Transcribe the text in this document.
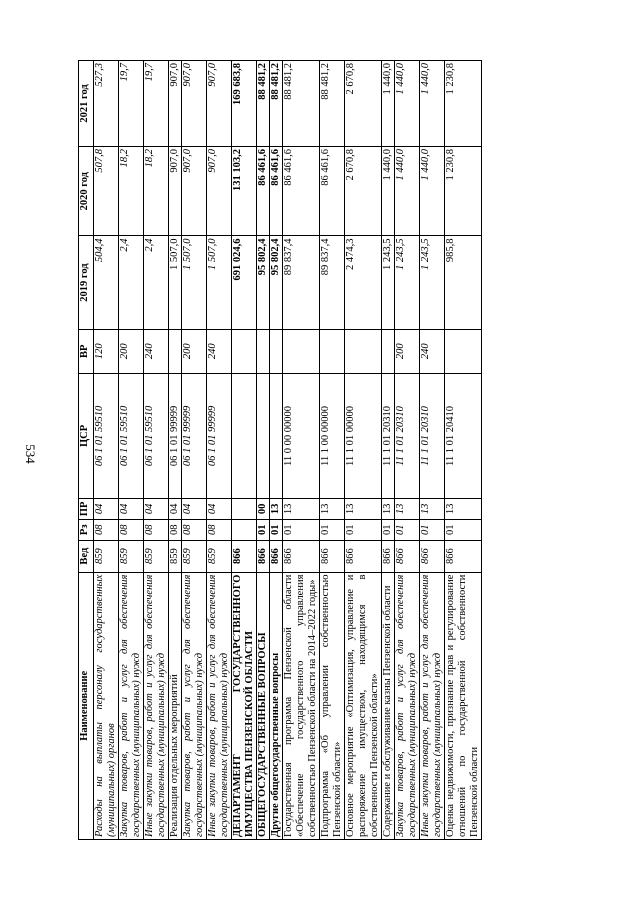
534
Наименование	Вед	Рз	ПР	ЦСР	ВР	2019 год	2020 год	2021 год
Расходы на выплаты персоналу государственных (муниципальных) органов	859	08	04	06 1 01 59510	120	504,4	507,8	527,3
Закупка товаров, работ и услуг для обеспечения государственных (муниципальных) нужд	859	08	04	06 1 01 59510	200	2,4	18,2	19,7
Иные закупки товаров, работ и услуг для обеспечения государственных (муниципальных) нужд	859	08	04	06 1 01 59510	240	2,4	18,2	19,7
Реализация отдельных мероприятий	859	08	04	06 1 01 99999		1 507,0	907,0	907,0
Закупка товаров, работ и услуг для обеспечения государственных (муниципальных) нужд	859	08	04	06 1 01 99999	200	1 507,0	907,0	907,0
Иные закупки товаров, работ и услуг для обеспечения государственных (муниципальных) нужд	859	08	04	06 1 01 99999	240	1 507,0	907,0	907,0
ДЕПАРТАМЕНТ ГОСУДАРСТВЕННОГО ИМУЩЕСТВА ПЕНЗЕНСКОЙ ОБЛАСТИ	866					691 024,6	131 103,2	169 683,8
ОБЩЕГОСУДАРСТВЕННЫЕ ВОПРОСЫ	866	01	00			95 802,4	86 461,6	88 481,2
Другие общегосударственные вопросы	866	01	13			95 802,4	86 461,6	88 481,2
Государственная программа Пензенской области «Обеспечение государственного управления собственностью Пензенской области на 2014–2022 годы»	866	01	13	11 0 00 00000		89 837,4	86 461,6	88 481,2
Подпрограмма «Об управлении собственностью Пензенской области»	866	01	13	11 1 00 00000		89 837,4	86 461,6	88 481,2
Основное мероприятие «Оптимизация, управление и распоряжение имуществом, находящимся в собственности Пензенской области»	866	01	13	11 1 01 00000		2 474,3	2 670,8	2 670,8
Содержание и обслуживание казны Пензенской области	866	01	13	11 1 01 20310		1 243,5	1 440,0	1 440,0
Закупка товаров, работ и услуг для обеспечения государственных (муниципальных) нужд	866	01	13	11 1 01 20310	200	1 243,5	1 440,0	1 440,0
Иные закупки товаров, работ и услуг для обеспечения государственных (муниципальных) нужд	866	01	13	11 1 01 20310	240	1 243,5	1 440,0	1 440,0
Оценка недвижимости, признание прав и регулирование отношений по государственной собственности Пензенской области	866	01	13	11 1 01 20410		985,8	1 230,8	1 230,8
